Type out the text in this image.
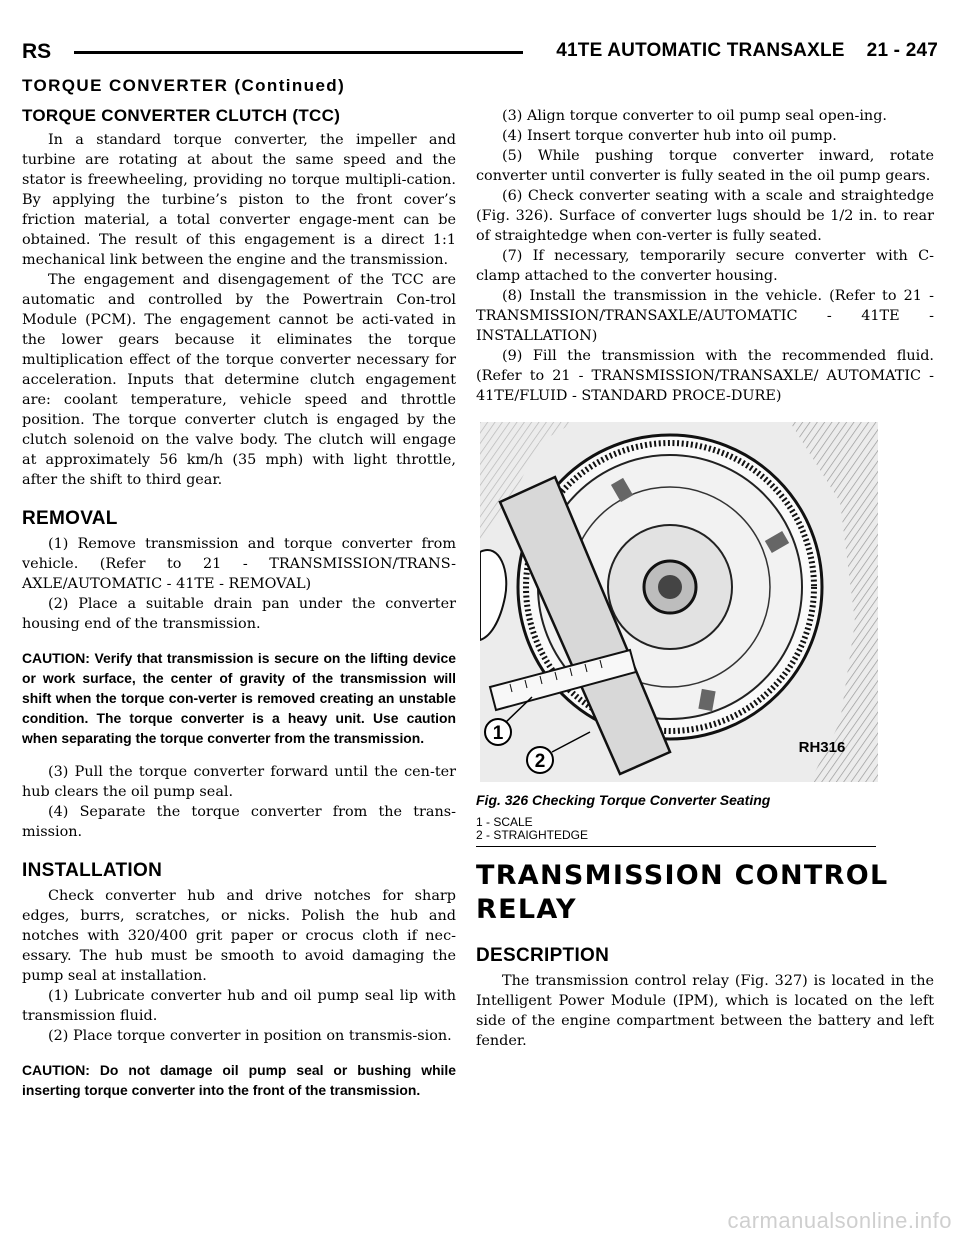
RS	41TE AUTOMATIC TRANSAXLE 21 - 247
TORQUE CONVERTER (Continued)
TORQUE CONVERTER CLUTCH (TCC)

In a standard torque converter, the impeller and turbine are rotating at about the same speed and the stator is freewheeling, providing no torque multipli-cation. By applying the turbine’s piston to the front cover’s friction material, a total converter engage-ment can be obtained. The result of this engagement is a direct 1:1 mechanical link between the engine and the transmission.

The engagement and disengagement of the TCC are automatic and controlled by the Powertrain Con-trol Module (PCM). The engagement cannot be acti-vated in the lower gears because it eliminates the torque multiplication effect of the torque converter necessary for acceleration. Inputs that determine clutch engagement are: coolant temperature, vehicle speed and throttle position. The torque converter clutch is engaged by the clutch solenoid on the valve body. The clutch will engage at approximately 56 km/h (35 mph) with light throttle, after the shift to third gear.

REMOVAL

(1) Remove transmission and torque converter from vehicle. (Refer to 21 - TRANSMISSION/TRANS-AXLE/AUTOMATIC - 41TE - REMOVAL)

(2) Place a suitable drain pan under the converter housing end of the transmission.

CAUTION: Verify that transmission is secure on the lifting device or work surface, the center of gravity of the transmission will shift when the torque con-verter is removed creating an unstable condition. The torque converter is a heavy unit. Use caution when separating the torque converter from the transmission.

(3) Pull the torque converter forward until the cen-ter hub clears the oil pump seal.

(4) Separate the torque converter from the trans-mission.

INSTALLATION

Check converter hub and drive notches for sharp edges, burrs, scratches, or nicks. Polish the hub and notches with 320/400 grit paper or crocus cloth if nec-essary. The hub must be smooth to avoid damaging the pump seal at installation.

(1) Lubricate converter hub and oil pump seal lip with transmission fluid.

(2) Place torque converter in position on transmis-sion.

CAUTION: Do not damage oil pump seal or bushing while inserting torque converter into the front of the transmission.

(3) Align torque converter to oil pump seal open-ing.

(4) Insert torque converter hub into oil pump.

(5) While pushing torque converter inward, rotate converter until converter is fully seated in the oil pump gears.

(6) Check converter seating with a scale and straightedge (Fig. 326). Surface of converter lugs should be 1/2 in. to rear of straightedge when con-verter is fully seated.

(7) If necessary, temporarily secure converter with C-clamp attached to the converter housing.

(8) Install the transmission in the vehicle. (Refer to 21 - TRANSMISSION/TRANSAXLE/AUTOMATIC - 41TE - INSTALLATION)

(9) Fill the transmission with the recommended fluid. (Refer to 21 - TRANSMISSION/TRANSAXLE/ AUTOMATIC - 41TE/FLUID - STANDARD PROCE-DURE)

1
2
RH316
Fig. 326 Checking Torque Converter Seating
1 - SCALE
2 - STRAIGHTEDGE
TRANSMISSION CONTROL RELAY
DESCRIPTION

The transmission control relay (Fig. 327) is located in the Intelligent Power Module (IPM), which is located on the left side of the engine compartment between the battery and left fender.

carmanualsonline.info
